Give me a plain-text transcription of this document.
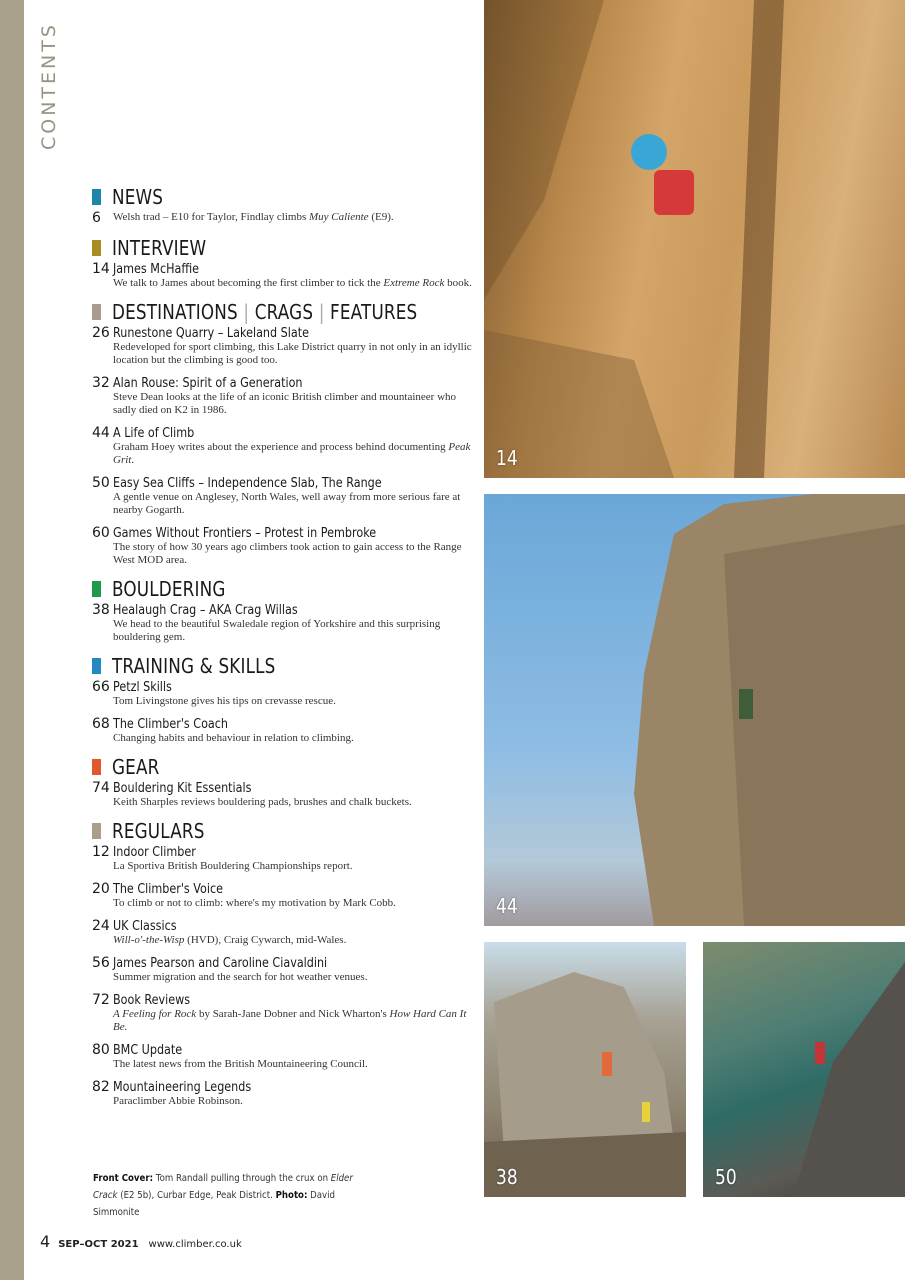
CONTENTS
NEWS
6	Welsh trad – E10 for Taylor, Findlay climbs Muy Caliente (E9).
INTERVIEW
14 James McHaffie
We talk to James about becoming the first climber to tick the Extreme Rock book.
DESTINATIONS | CRAGS | FEATURES
26 Runestone Quarry – Lakeland Slate
Redeveloped for sport climbing, this Lake District quarry in not only in an idyllic location but the climbing is good too.
32 Alan Rouse: Spirit of a Generation
Steve Dean looks at the life of an iconic British climber and mountaineer who sadly died on K2 in 1986.
44 A Life of Climb
Graham Hoey writes about the experience and process behind documenting Peak Grit.
50 Easy Sea Cliffs – Independence Slab, The Range
A gentle venue on Anglesey, North Wales, well away from more serious fare at nearby Gogarth.
60 Games Without Frontiers – Protest in Pembroke
The story of how 30 years ago climbers took action to gain access to the Range West MOD area.
BOULDERING
38 Healaugh Crag – AKA Crag Willas
We head to the beautiful Swaledale region of Yorkshire and this surprising bouldering gem.
TRAINING & SKILLS
66 Petzl Skills
Tom Livingstone gives his tips on crevasse rescue.
68 The Climber's Coach
Changing habits and behaviour in relation to climbing.
GEAR
74 Bouldering Kit Essentials
Keith Sharples reviews bouldering pads, brushes and chalk buckets.
REGULARS
12 Indoor Climber
La Sportiva British Bouldering Championships report.
20 The Climber's Voice
To climb or not to climb: where's my motivation by Mark Cobb.
24 UK Classics
Will-o'-the-Wisp (HVD), Craig Cywarch, mid-Wales.
56 James Pearson and Caroline Ciavaldini
Summer migration and the search for hot weather venues.
72 Book Reviews
A Feeling for Rock by Sarah-Jane Dobner and Nick Wharton's How Hard Can It Be.
80 BMC Update
The latest news from the British Mountaineering Council.
82 Mountaineering Legends
Paraclimber Abbie Robinson.
14
44
38	50
Front Cover: Tom Randall pulling through the crux on Elder Crack (E2 5b), Curbar Edge, Peak District. Photo: David Simmonite
4 SEP–OCT 2021 www.climber.co.uk
